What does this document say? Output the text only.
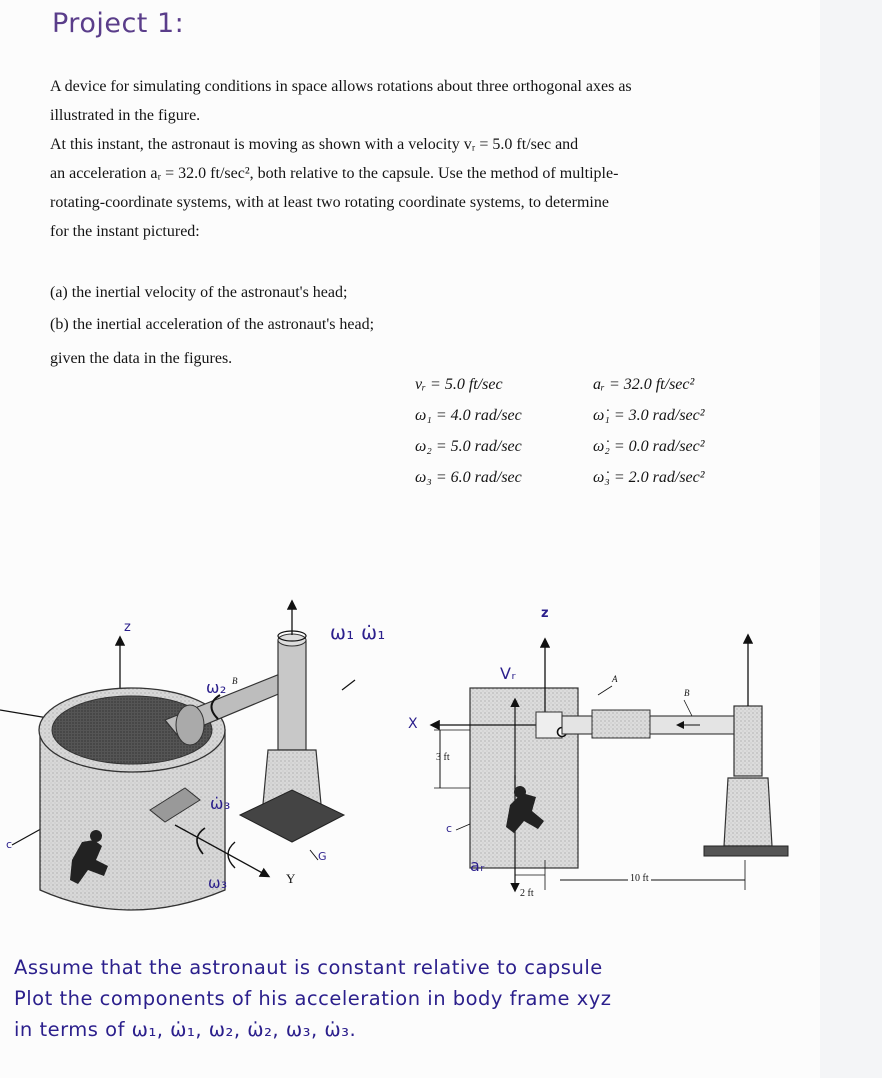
Project 1:
A device for simulating conditions in space allows rotations about three orthogonal axes as
illustrated in the figure.
At this instant, the astronaut is moving as shown with a velocity vᵣ = 5.0 ft/sec and
an acceleration aᵣ = 32.0 ft/sec², both relative to the capsule. Use the method of multiple-
rotating-coordinate systems, with at least two rotating coordinate systems, to determine
for the instant pictured:
(a) the inertial velocity of the astronaut's head;
(b) the inertial acceleration of the astronaut's head;
given the data in the figures.
vᵣ = 5.0 ft/sec
ω₁ = 4.0 rad/sec
ω₂ = 5.0 rad/sec
ω₃ = 6.0 rad/sec
aᵣ = 32.0 ft/sec²
ω̇₁ = 3.0 rad/sec²
ω̇₂ = 0.0 rad/sec²
ω̇₃ = 2.0 rad/sec²
z	ω₁ ω̇₁
ω₂ B
ω̇₃
ω₃
c
G
Y
z
X
Vᵣ
aᵣ
3 ft
2 ft
10 ft
A
B
c
Assume that the astronaut is constant relative to capsule
Plot the components of his acceleration in body frame xyz
in terms of ω₁, ω̇₁, ω₂, ω̇₂, ω₃, ω̇₃.
